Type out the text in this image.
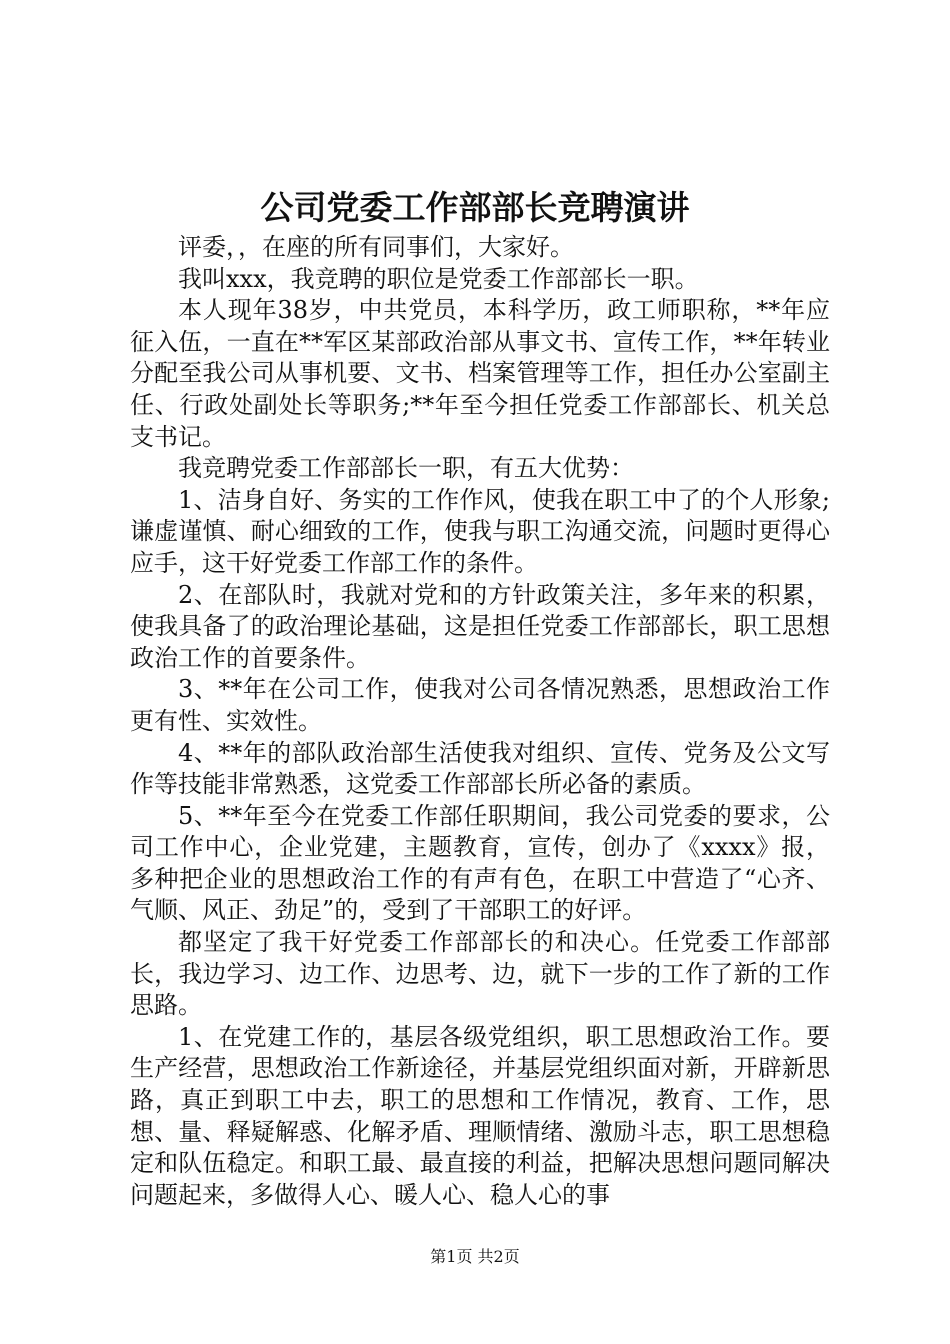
公司党委工作部部长竞聘演讲

评委，，在座的所有同事们，大家好。

我叫xxx，我竞聘的职位是党委工作部部长一职。

本人现年38岁，中共党员，本科学历，政工师职称，**年应征入伍，一直在**军区某部政治部从事文书、宣传工作，**年转业分配至我公司从事机要、文书、档案管理等工作，担任办公室副主任、行政处副处长等职务;**年至今担任党委工作部部长、机关总支书记。

我竞聘党委工作部部长一职，有五大优势：

1、洁身自好、务实的工作作风，使我在职工中了的个人形象;谦虚谨慎、耐心细致的工作，使我与职工沟通交流，问题时更得心应手，这干好党委工作部工作的条件。

2、在部队时，我就对党和的方针政策关注，多年来的积累，使我具备了的政治理论基础，这是担任党委工作部部长，职工思想政治工作的首要条件。

3、**年在公司工作，使我对公司各情况熟悉，思想政治工作更有性、实效性。

4、**年的部队政治部生活使我对组织、宣传、党务及公文写作等技能非常熟悉，这党委工作部部长所必备的素质。

5、**年至今在党委工作部任职期间，我公司党委的要求，公司工作中心，企业党建，主题教育，宣传，创办了《xxxx》报，多种把企业的思想政治工作的有声有色，在职工中营造了“心齐、气顺、风正、劲足”的，受到了干部职工的好评。

都坚定了我干好党委工作部部长的和决心。任党委工作部部长，我边学习、边工作、边思考、边，就下一步的工作了新的工作思路。

1、在党建工作的，基层各级党组织，职工思想政治工作。要生产经营，思想政治工作新途径，并基层党组织面对新，开辟新思路，真正到职工中去，职工的思想和工作情况，教育、工作，思想、量、释疑解惑、化解矛盾、理顺情绪、激励斗志，职工思想稳定和队伍稳定。和职工最、最直接的利益，把解决思想问题同解决问题起来，多做得人心、暖人心、稳人心的事

第1页 共2页
